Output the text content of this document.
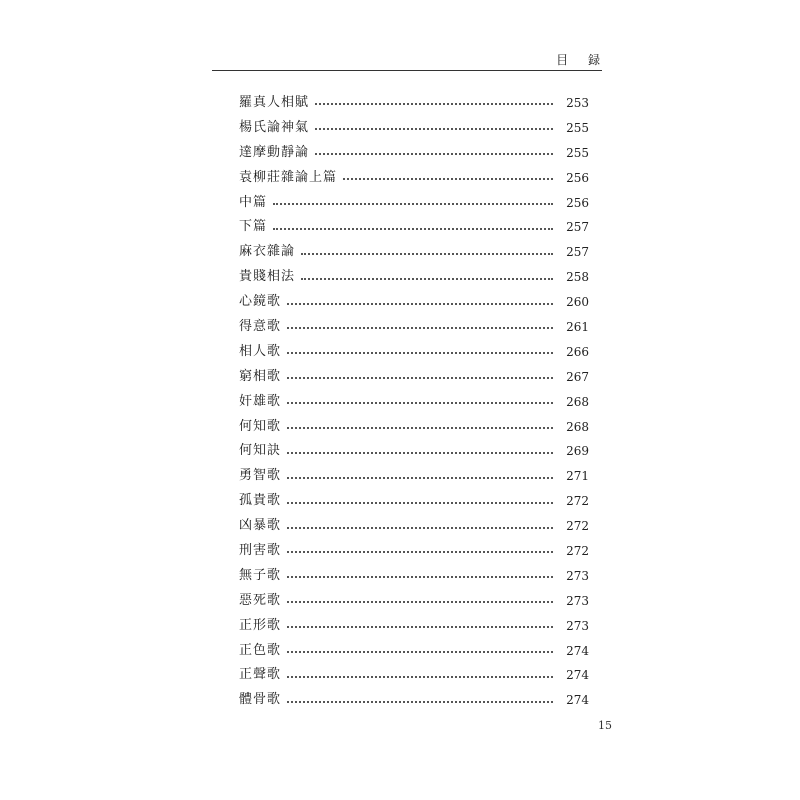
目 録
羅真人相賦	253
楊氏論神氣	255
達摩動靜論	255
袁柳莊雜論上篇	256
中篇	256
下篇	257
麻衣雜論	257
貴賤相法	258
心鏡歌	260
得意歌	261
相人歌	266
窮相歌	267
奸雄歌	268
何知歌	268
何知訣	269
勇智歌	271
孤貴歌	272
凶暴歌	272
刑害歌	272
無子歌	273
惡死歌	273
正形歌	273
正色歌	274
正聲歌	274
體骨歌	274
15
